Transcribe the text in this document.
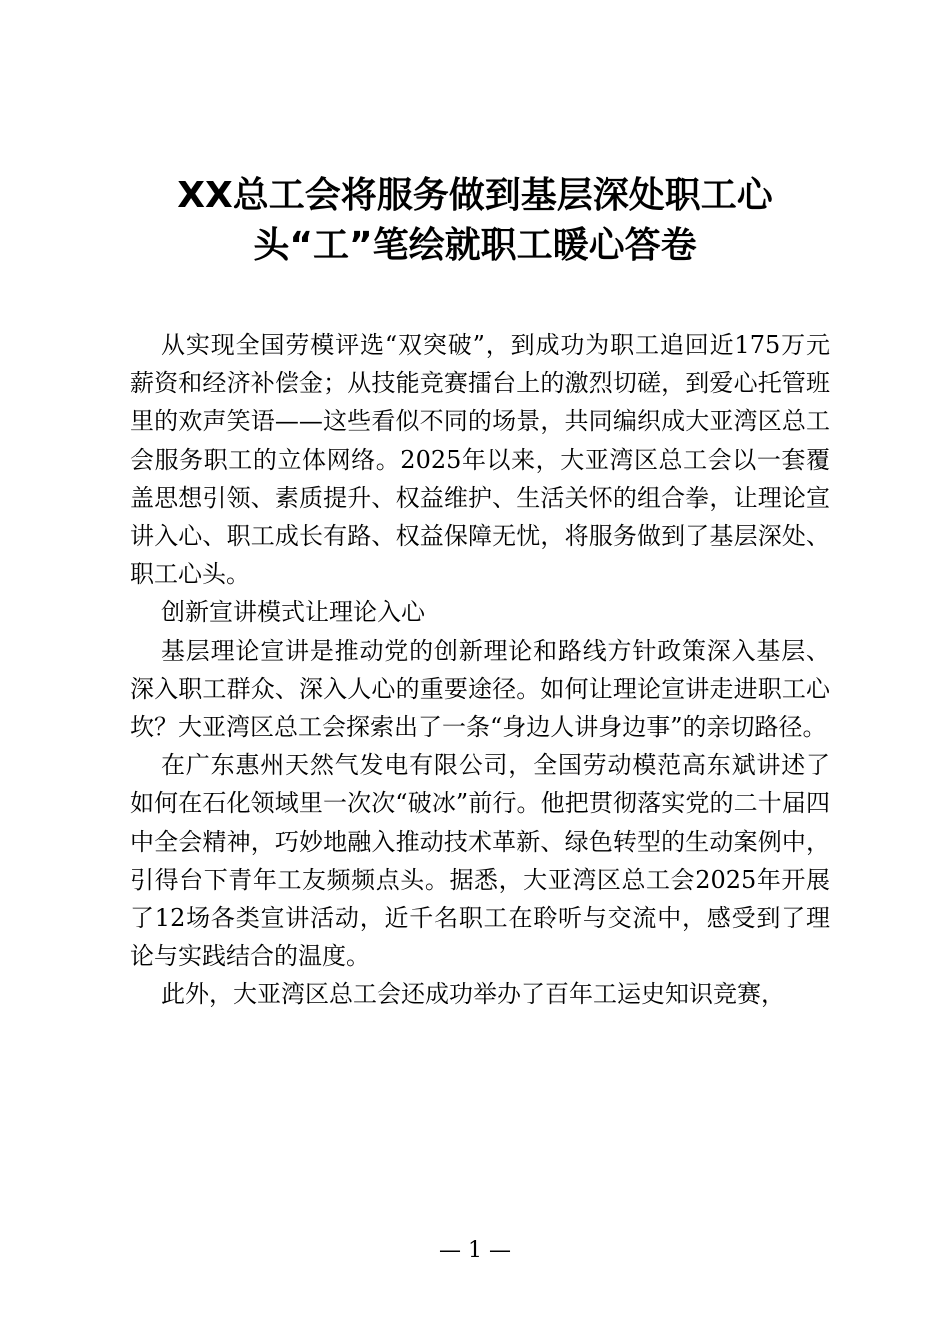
XX总工会将服务做到基层深处职工心
头“工”笔绘就职工暖心答卷

从实现全国劳模评选“双突破”，到成功为职工追回近175万元薪资和经济补偿金；从技能竞赛擂台上的激烈切磋，到爱心托管班里的欢声笑语——这些看似不同的场景，共同编织成大亚湾区总工会服务职工的立体网络。2025年以来，大亚湾区总工会以一套覆盖思想引领、素质提升、权益维护、生活关怀的组合拳，让理论宣讲入心、职工成长有路、权益保障无忧，将服务做到了基层深处、职工心头。

创新宣讲模式让理论入心

基层理论宣讲是推动党的创新理论和路线方针政策深入基层、深入职工群众、深入人心的重要途径。如何让理论宣讲走进职工心坎？大亚湾区总工会探索出了一条“身边人讲身边事”的亲切路径。

在广东惠州天然气发电有限公司，全国劳动模范高东斌讲述了如何在石化领域里一次次“破冰”前行。他把贯彻落实党的二十届四中全会精神，巧妙地融入推动技术革新、绿色转型的生动案例中，引得台下青年工友频频点头。据悉，大亚湾区总工会2025年开展了12场各类宣讲活动，近千名职工在聆听与交流中，感受到了理论与实践结合的温度。

此外，大亚湾区总工会还成功举办了百年工运史知识竞赛，

— 1 —
